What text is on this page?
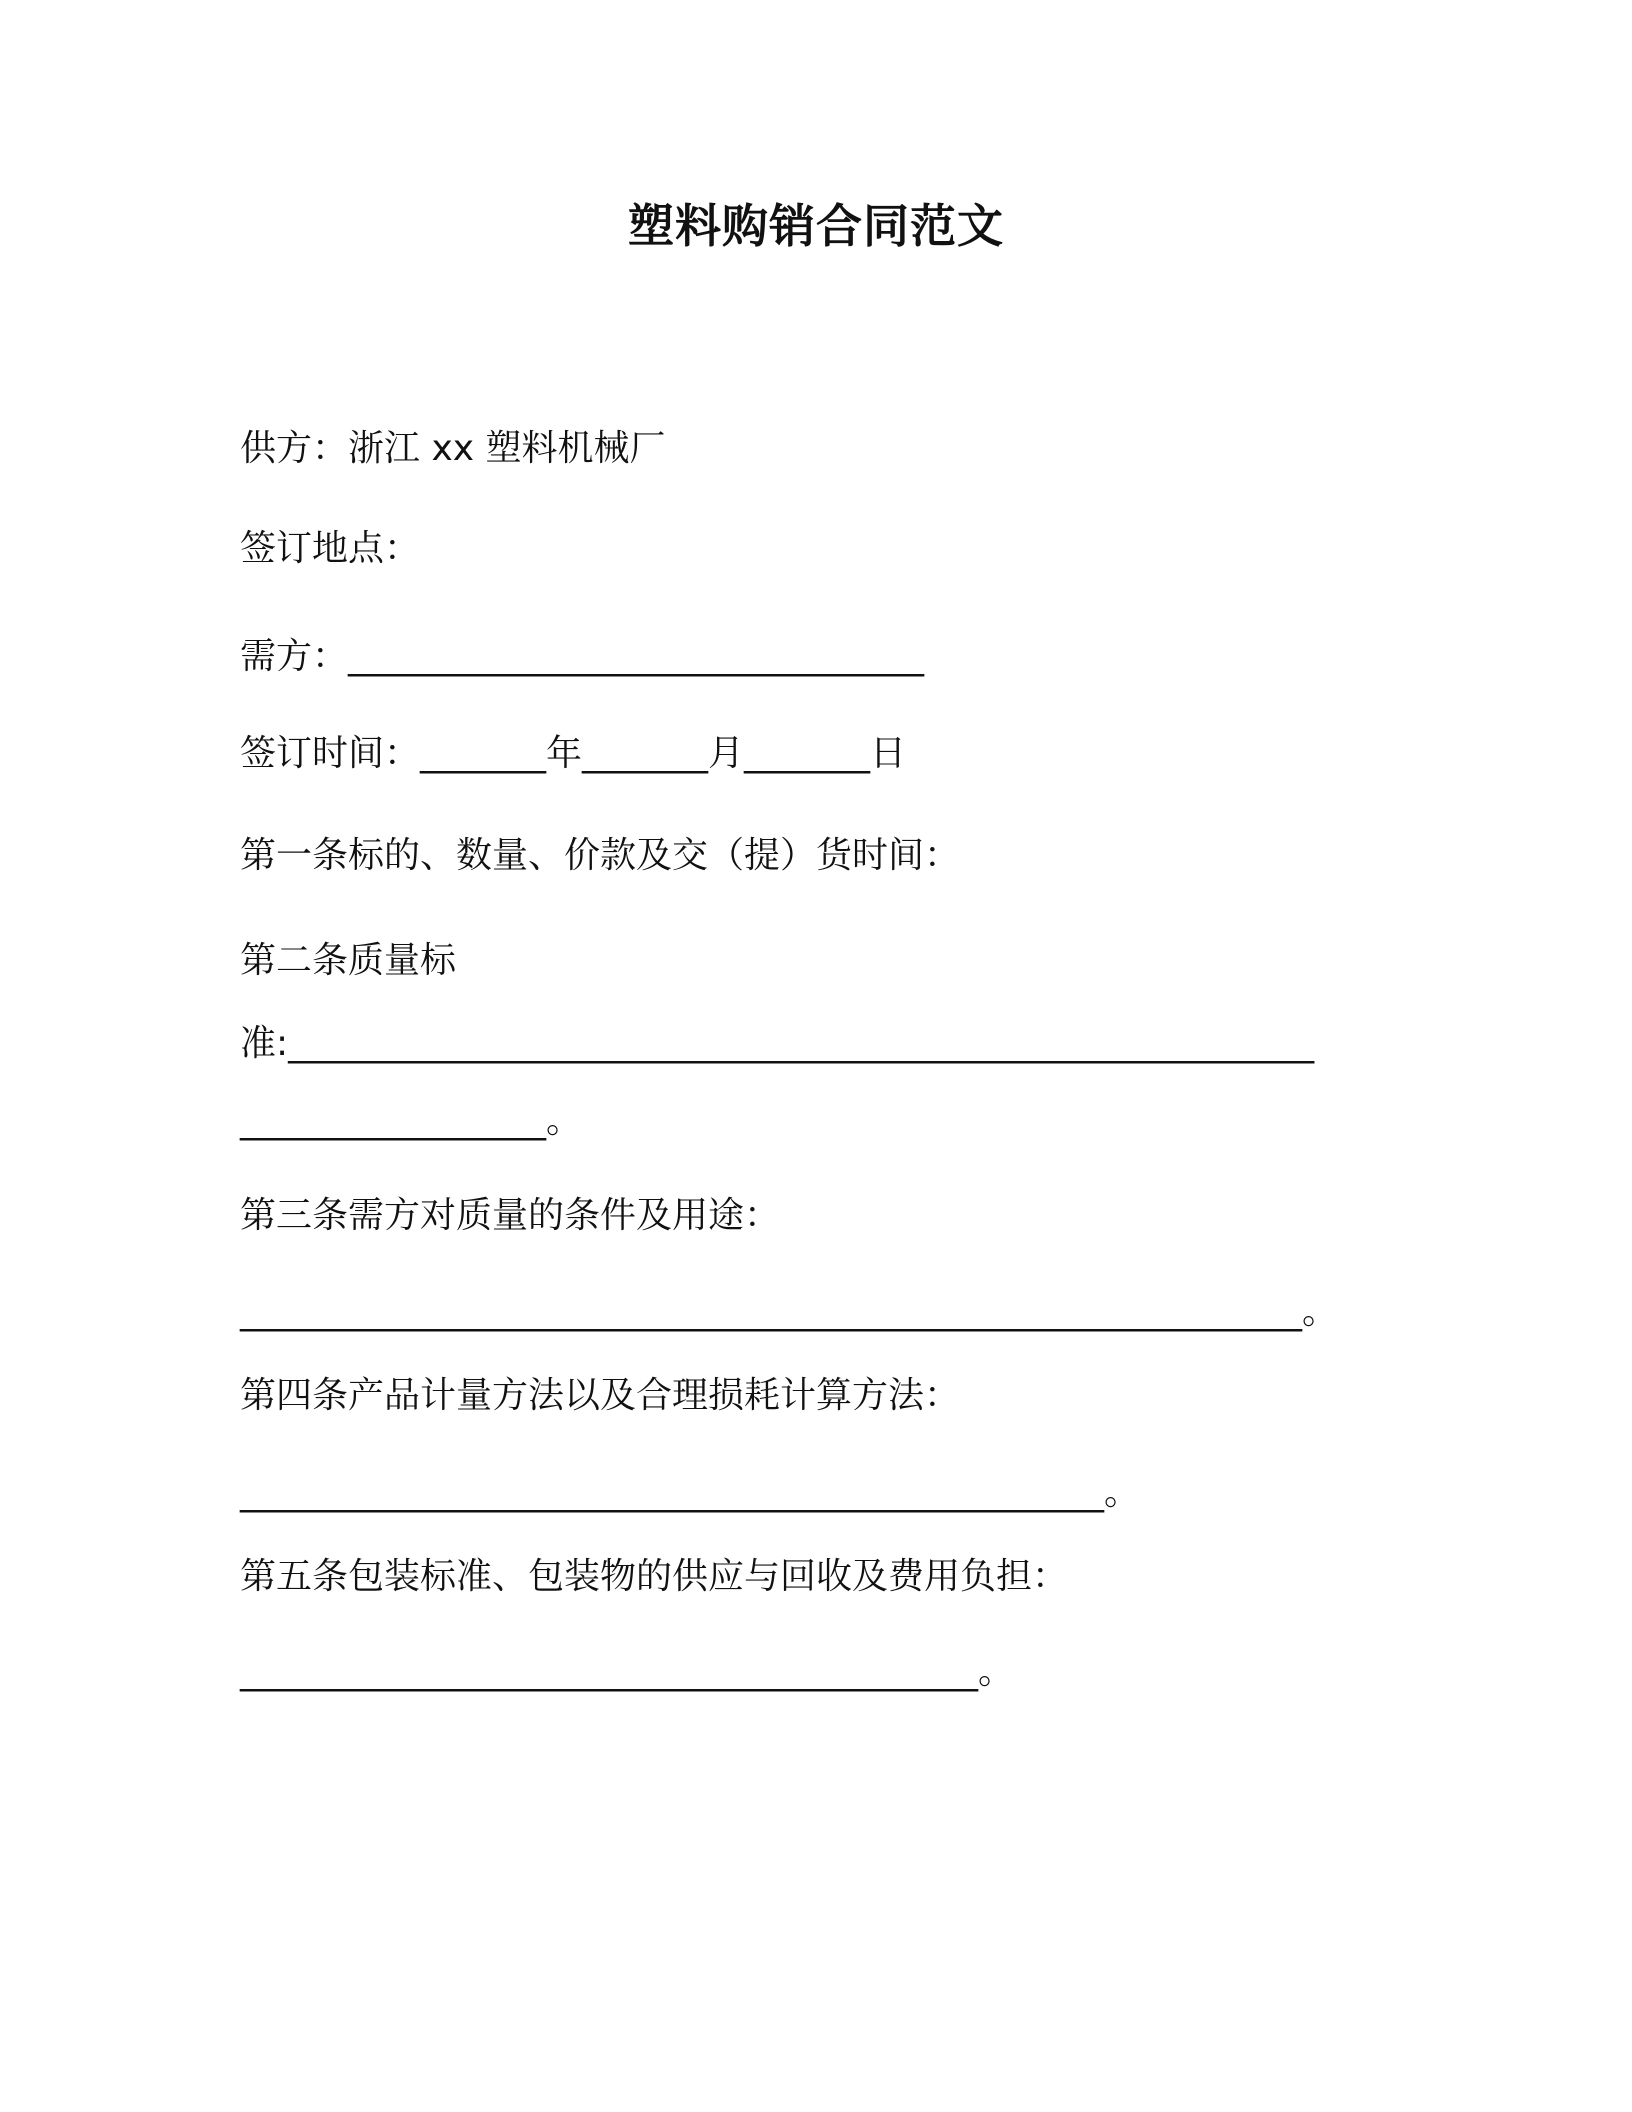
塑料购销合同范文
供方：浙江 xx 塑料机械厂
签订地点：
需方：________________________________
签订时间：_______年_______月_______日
第一条标的、数量、价款及交（提）货时间：
第二条质量标
准:_________________________________________________________
_________________。
第三条需方对质量的条件及用途：
___________________________________________________________。
第四条产品计量方法以及合理损耗计算方法：
________________________________________________。
第五条包装标准、包装物的供应与回收及费用负担：
_________________________________________。
